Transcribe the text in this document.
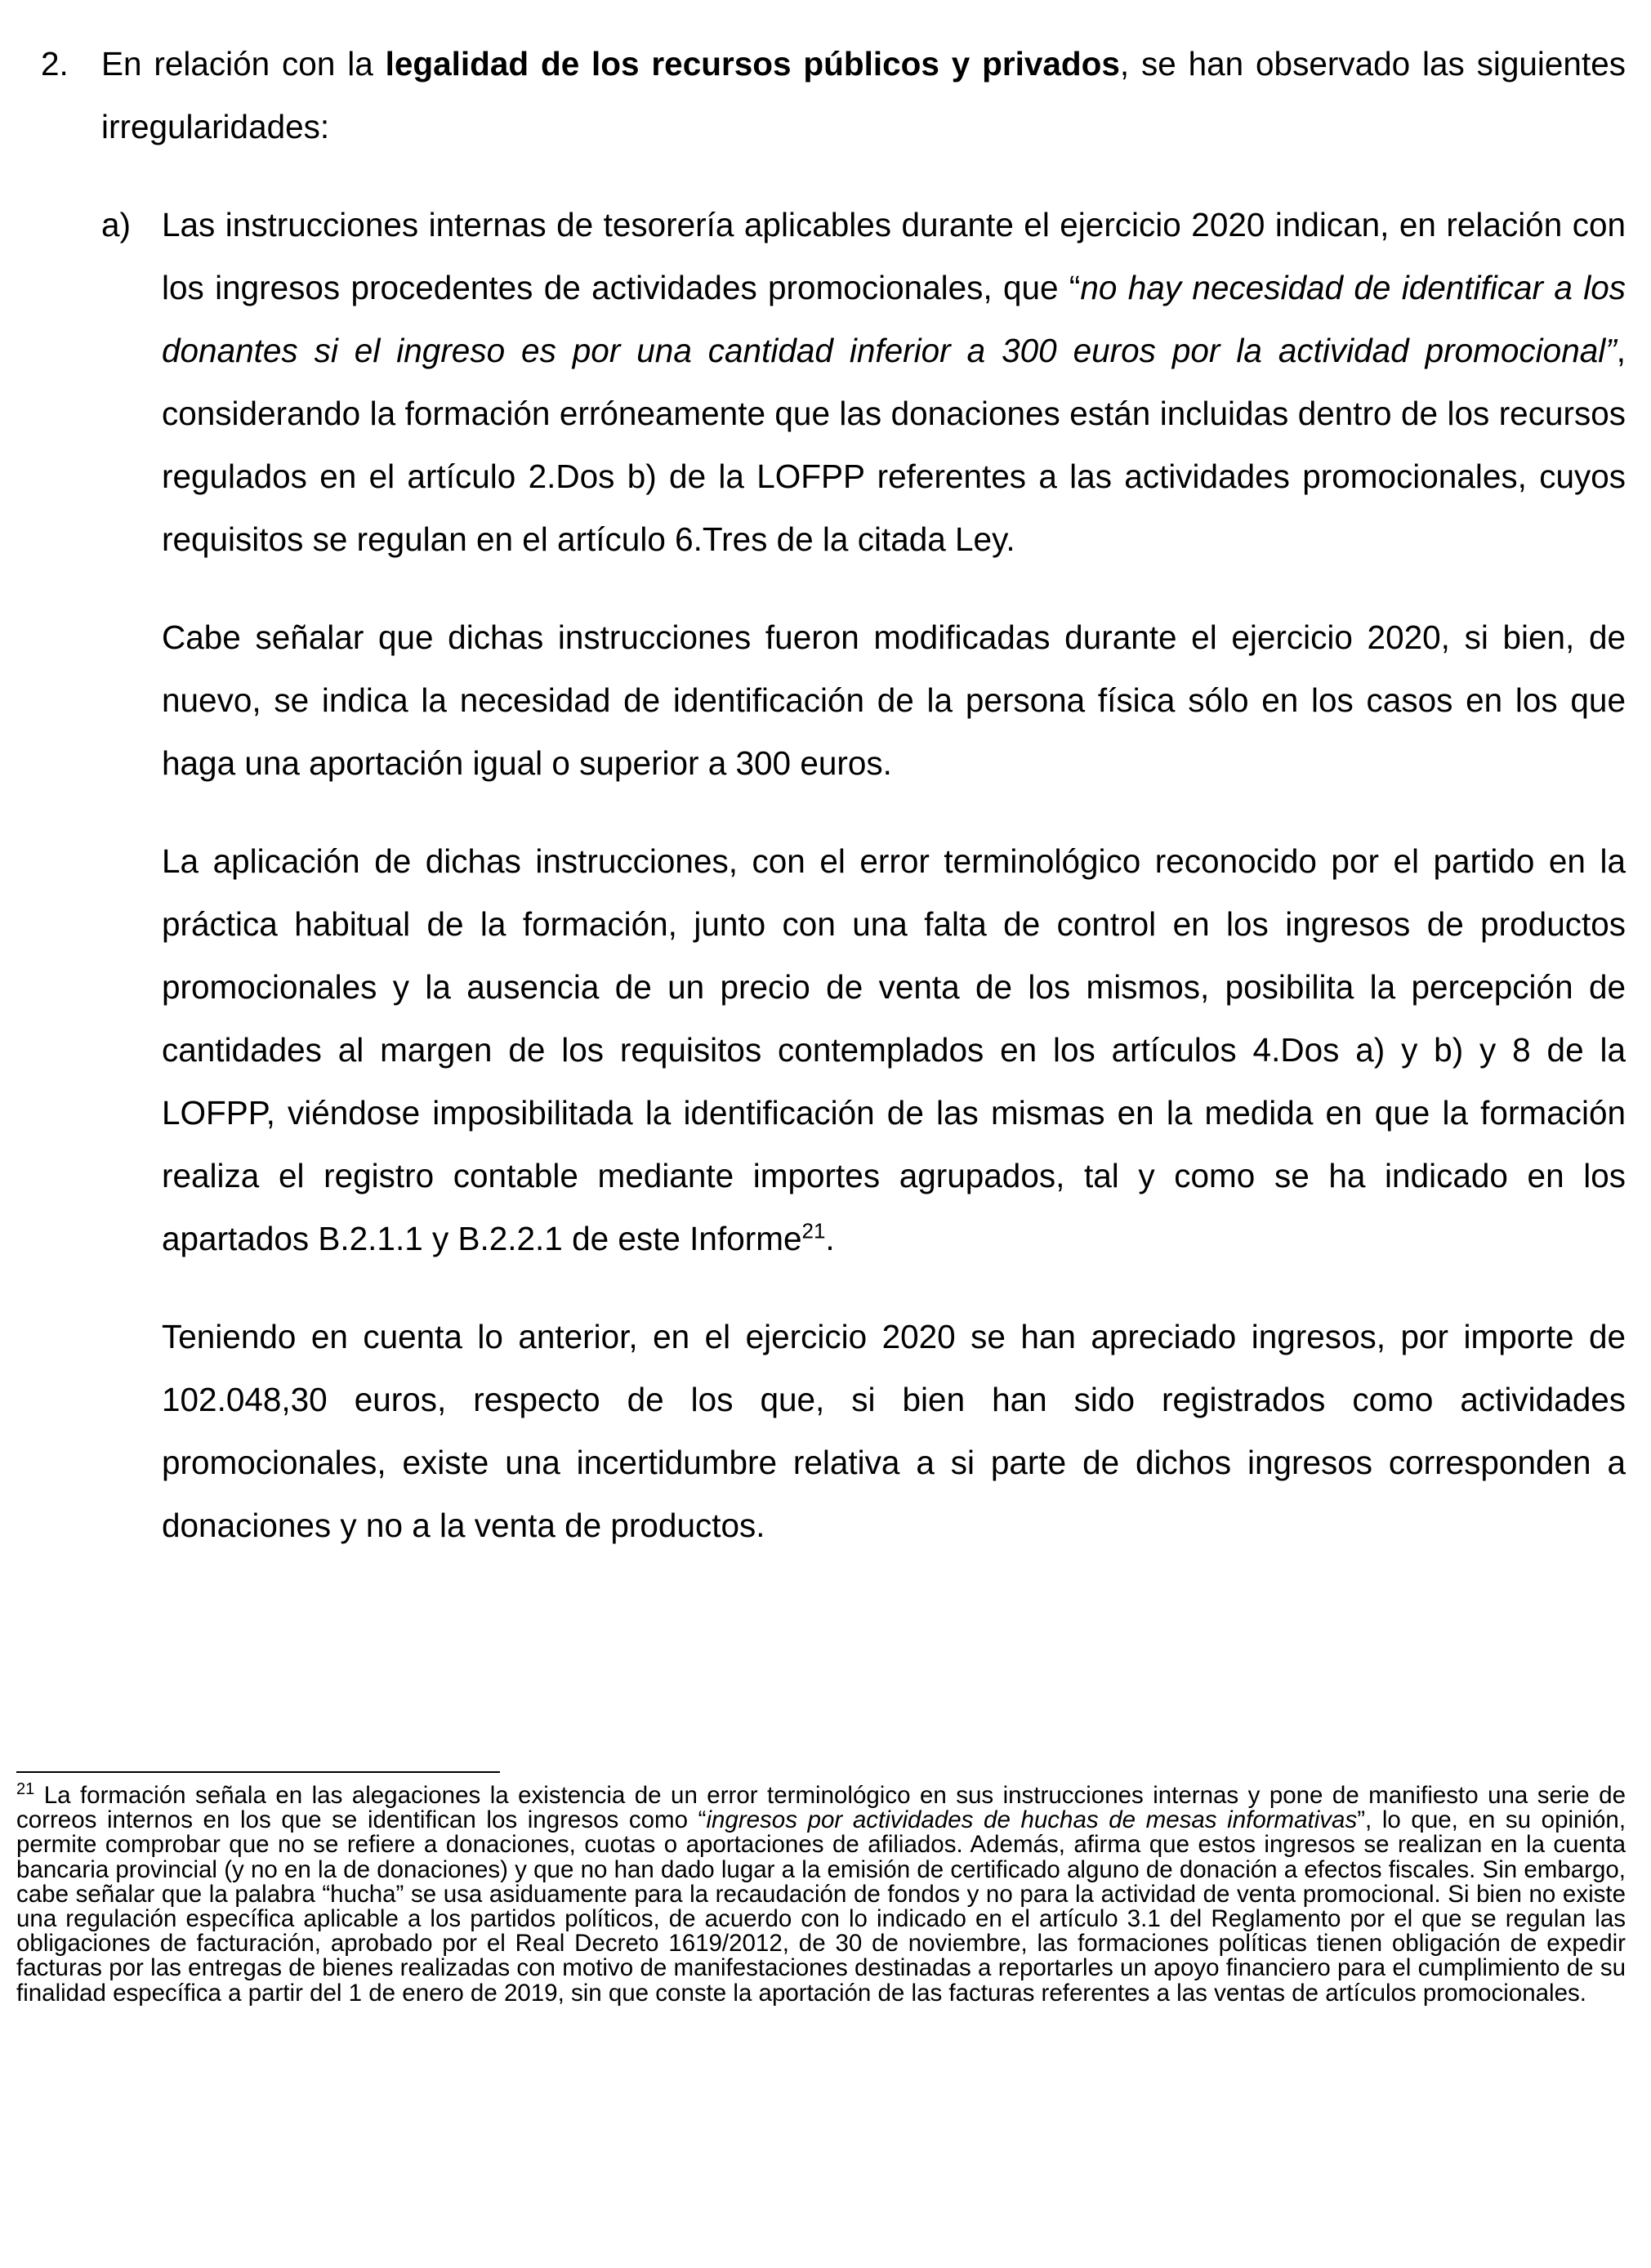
2. En relación con la legalidad de los recursos públicos y privados, se han observado las siguientes irregularidades:

a) Las instrucciones internas de tesorería aplicables durante el ejercicio 2020 indican, en relación con los ingresos procedentes de actividades promocionales, que “no hay necesidad de identificar a los donantes si el ingreso es por una cantidad inferior a 300 euros por la actividad promocional”, considerando la formación erróneamente que las donaciones están incluidas dentro de los recursos regulados en el artículo 2.Dos b) de la LOFPP referentes a las actividades promocionales, cuyos requisitos se regulan en el artículo 6.Tres de la citada Ley.

Cabe señalar que dichas instrucciones fueron modificadas durante el ejercicio 2020, si bien, de nuevo, se indica la necesidad de identificación de la persona física sólo en los casos en los que haga una aportación igual o superior a 300 euros.

La aplicación de dichas instrucciones, con el error terminológico reconocido por el partido en la práctica habitual de la formación, junto con una falta de control en los ingresos de productos promocionales y la ausencia de un precio de venta de los mismos, posibilita la percepción de cantidades al margen de los requisitos contemplados en los artículos 4.Dos a) y b) y 8 de la LOFPP, viéndose imposibilitada la identificación de las mismas en la medida en que la formación realiza el registro contable mediante importes agrupados, tal y como se ha indicado en los apartados B.2.1.1 y B.2.2.1 de este Informe$^{21}$.

Teniendo en cuenta lo anterior, en el ejercicio 2020 se han apreciado ingresos, por importe de 102.048,30 euros, respecto de los que, si bien han sido registrados como actividades promocionales, existe una incertidumbre relativa a si parte de dichos ingresos corresponden a donaciones y no a la venta de productos.

$^{21}$ La formación señala en las alegaciones la existencia de un error terminológico en sus instrucciones internas y pone de manifiesto una serie de correos internos en los que se identifican los ingresos como “ingresos por actividades de huchas de mesas informativas”, lo que, en su opinión, permite comprobar que no se refiere a donaciones, cuotas o aportaciones de afiliados. Además, afirma que estos ingresos se realizan en la cuenta bancaria provincial (y no en la de donaciones) y que no han dado lugar a la emisión de certificado alguno de donación a efectos fiscales. Sin embargo, cabe señalar que la palabra “hucha” se usa asiduamente para la recaudación de fondos y no para la actividad de venta promocional. Si bien no existe una regulación específica aplicable a los partidos políticos, de acuerdo con lo indicado en el artículo 3.1 del Reglamento por el que se regulan las obligaciones de facturación, aprobado por el Real Decreto 1619/2012, de 30 de noviembre, las formaciones políticas tienen obligación de expedir facturas por las entregas de bienes realizadas con motivo de manifestaciones destinadas a reportarles un apoyo financiero para el cumplimiento de su finalidad específica a partir del 1 de enero de 2019, sin que conste la aportación de las facturas referentes a las ventas de artículos promocionales.
